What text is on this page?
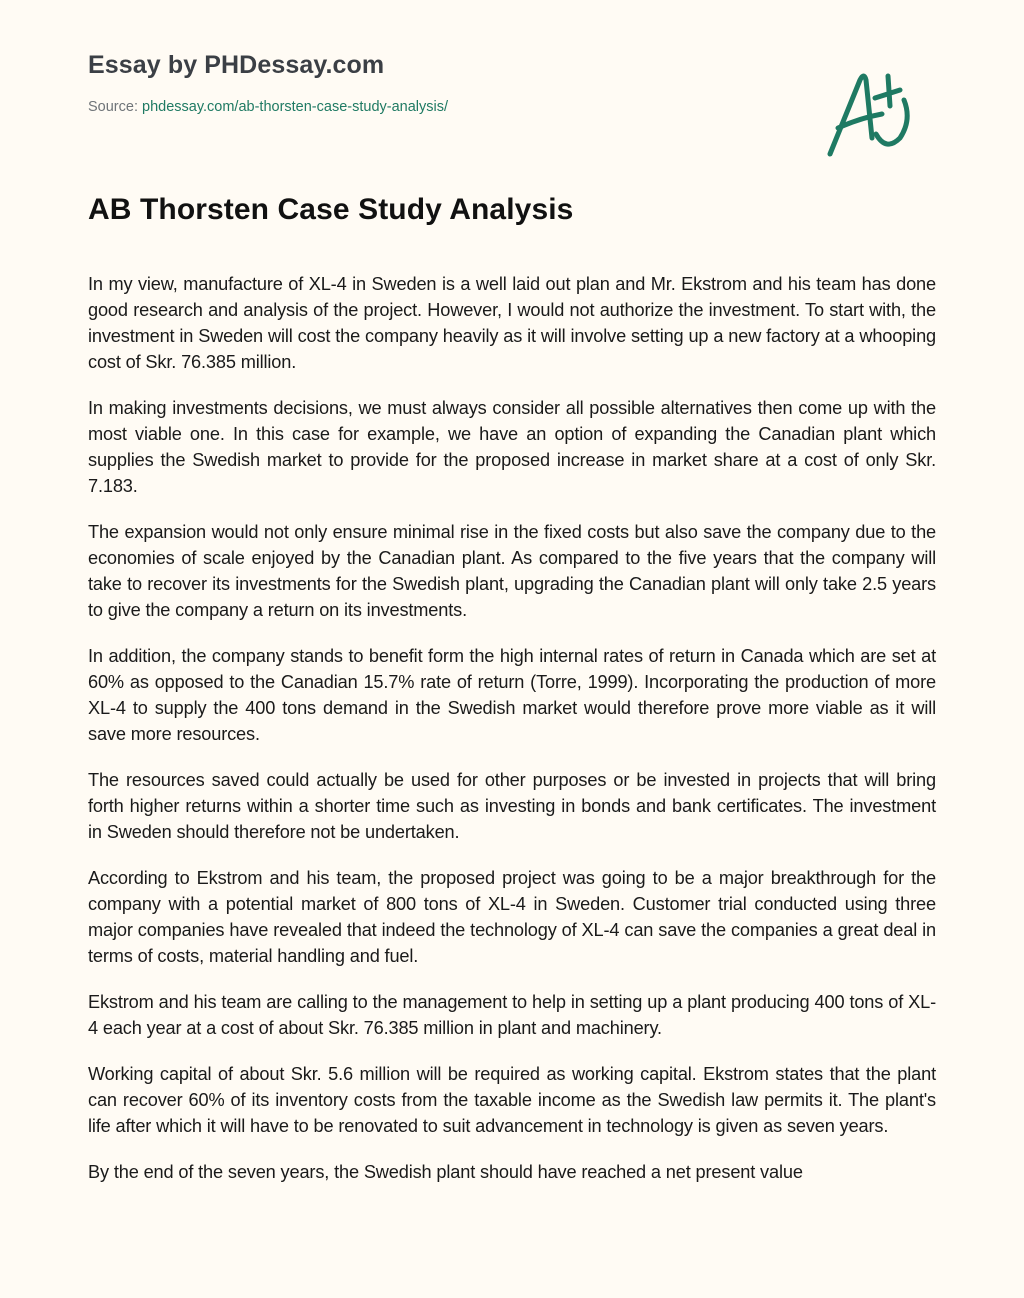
Essay by PHDessay.com
Source: phdessay.com/ab-thorsten-case-study-analysis/
AB Thorsten Case Study Analysis

In my view, manufacture of XL-4 in Sweden is a well laid out plan and Mr. Ekstrom and his team has done good research and analysis of the project. However, I would not authorize the investment. To start with, the investment in Sweden will cost the company heavily as it will involve setting up a new factory at a whooping cost of Skr. 76.385 million.

In making investments decisions, we must always consider all possible alternatives then come up with the most viable one. In this case for example, we have an option of expanding the Canadian plant which supplies the Swedish market to provide for the proposed increase in market share at a cost of only Skr. 7.183.

The expansion would not only ensure minimal rise in the fixed costs but also save the company due to the economies of scale enjoyed by the Canadian plant. As compared to the five years that the company will take to recover its investments for the Swedish plant, upgrading the Canadian plant will only take 2.5 years to give the company a return on its investments.

In addition, the company stands to benefit form the high internal rates of return in Canada which are set at 60% as opposed to the Canadian 15.7% rate of return (Torre, 1999). Incorporating the production of more XL-4 to supply the 400 tons demand in the Swedish market would therefore prove more viable as it will save more resources.

The resources saved could actually be used for other purposes or be invested in projects that will bring forth higher returns within a shorter time such as investing in bonds and bank certificates. The investment in Sweden should therefore not be undertaken.

According to Ekstrom and his team, the proposed project was going to be a major breakthrough for the company with a potential market of 800 tons of XL-4 in Sweden. Customer trial conducted using three major companies have revealed that indeed the technology of XL-4 can save the companies a great deal in terms of costs, material handling and fuel.

Ekstrom and his team are calling to the management to help in setting up a plant producing 400 tons of XL-4 each year at a cost of about Skr. 76.385 million in plant and machinery.

Working capital of about Skr. 5.6 million will be required as working capital. Ekstrom states that the plant can recover 60% of its inventory costs from the taxable income as the Swedish law permits it. The plant's life after which it will have to be renovated to suit advancement in technology is given as seven years.

By the end of the seven years, the Swedish plant should have reached a net present value
